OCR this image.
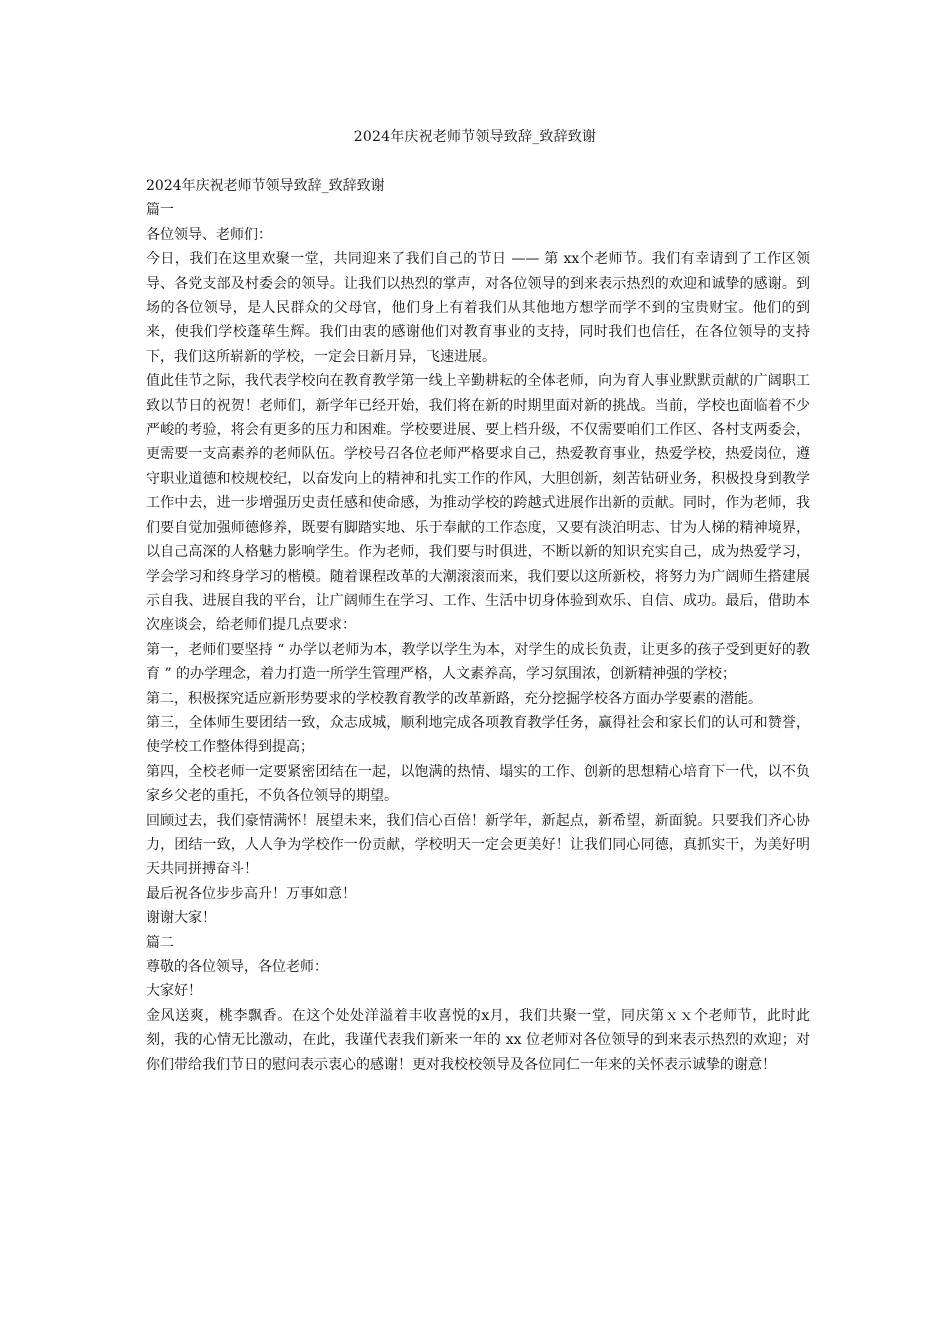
2024年庆祝老师节领导致辞_致辞致谢

2024年庆祝老师节领导致辞_致辞致谢

篇一

各位领导、老师们：

今日，我们在这里欢聚一堂，共同迎来了我们自己的节日 —— 第 xx个老师节。我们有幸请到了工作区领导、各党支部及村委会的领导。让我们以热烈的掌声，对各位领导的到来表示热烈的欢迎和诚挚的感谢。到场的各位领导，是人民群众的父母官，他们身上有着我们从其他地方想学而学不到的宝贵财宝。他们的到来，使我们学校蓬荜生辉。我们由衷的感谢他们对教育事业的支持，同时我们也信任，在各位领导的支持下，我们这所崭新的学校，一定会日新月异，飞速进展。

值此佳节之际，我代表学校向在教育教学第一线上辛勤耕耘的全体老师，向为育人事业默默贡献的广阔职工致以节日的祝贺！老师们，新学年已经开始，我们将在新的时期里面对新的挑战。当前，学校也面临着不少严峻的考验，将会有更多的压力和困难。学校要进展、要上档升级，不仅需要咱们工作区、各村支两委会，更需要一支高素养的老师队伍。学校号召各位老师严格要求自己，热爱教育事业，热爱学校，热爱岗位，遵守职业道德和校规校纪，以奋发向上的精神和扎实工作的作风，大胆创新，刻苦钻研业务，积极投身到教学工作中去，进一步增强历史责任感和使命感，为推动学校的跨越式进展作出新的贡献。同时，作为老师，我们要自觉加强师德修养，既要有脚踏实地、乐于奉献的工作态度，又要有淡泊明志、甘为人梯的精神境界，以自己高深的人格魅力影响学生。作为老师，我们要与时俱进，不断以新的知识充实自己，成为热爱学习，学会学习和终身学习的楷模。随着课程改革的大潮滚滚而来，我们要以这所新校，将努力为广阔师生搭建展示自我、进展自我的平台，让广阔师生在学习、工作、生活中切身体验到欢乐、自信、成功。最后，借助本次座谈会，给老师们提几点要求：

第一，老师们要坚持 “ 办学以老师为本，教学以学生为本，对学生的成长负责，让更多的孩子受到更好的教育 ” 的办学理念，着力打造一所学生管理严格，人文素养高，学习氛围浓，创新精神强的学校；

第二，积极探究适应新形势要求的学校教育教学的改革新路，充分挖掘学校各方面办学要素的潜能。

第三，全体师生要团结一致，众志成城，顺利地完成各项教育教学任务，赢得社会和家长们的认可和赞誉，使学校工作整体得到提高；

第四，全校老师一定要紧密团结在一起，以饱满的热情、塌实的工作、创新的思想精心培育下一代，以不负家乡父老的重托，不负各位领导的期望。

回顾过去，我们豪情满怀！展望未来，我们信心百倍！新学年，新起点，新希望，新面貌。只要我们齐心协力，团结一致，人人争为学校作一份贡献，学校明天一定会更美好！让我们同心同德，真抓实干，为美好明天共同拼搏奋斗！

最后祝各位步步高升！万事如意！

谢谢大家！

篇二

尊敬的各位领导，各位老师：

大家好！

金风送爽，桃李飘香。在这个处处洋溢着丰收喜悦的x月，我们共聚一堂，同庆第ｘｘ个老师节，此时此刻，我的心情无比激动，在此，我谨代表我们新来一年的 xx 位老师对各位领导的到来表示热烈的欢迎；对你们带给我们节日的慰问表示衷心的感谢！更对我校校领导及各位同仁一年来的关怀表示诚挚的谢意！
